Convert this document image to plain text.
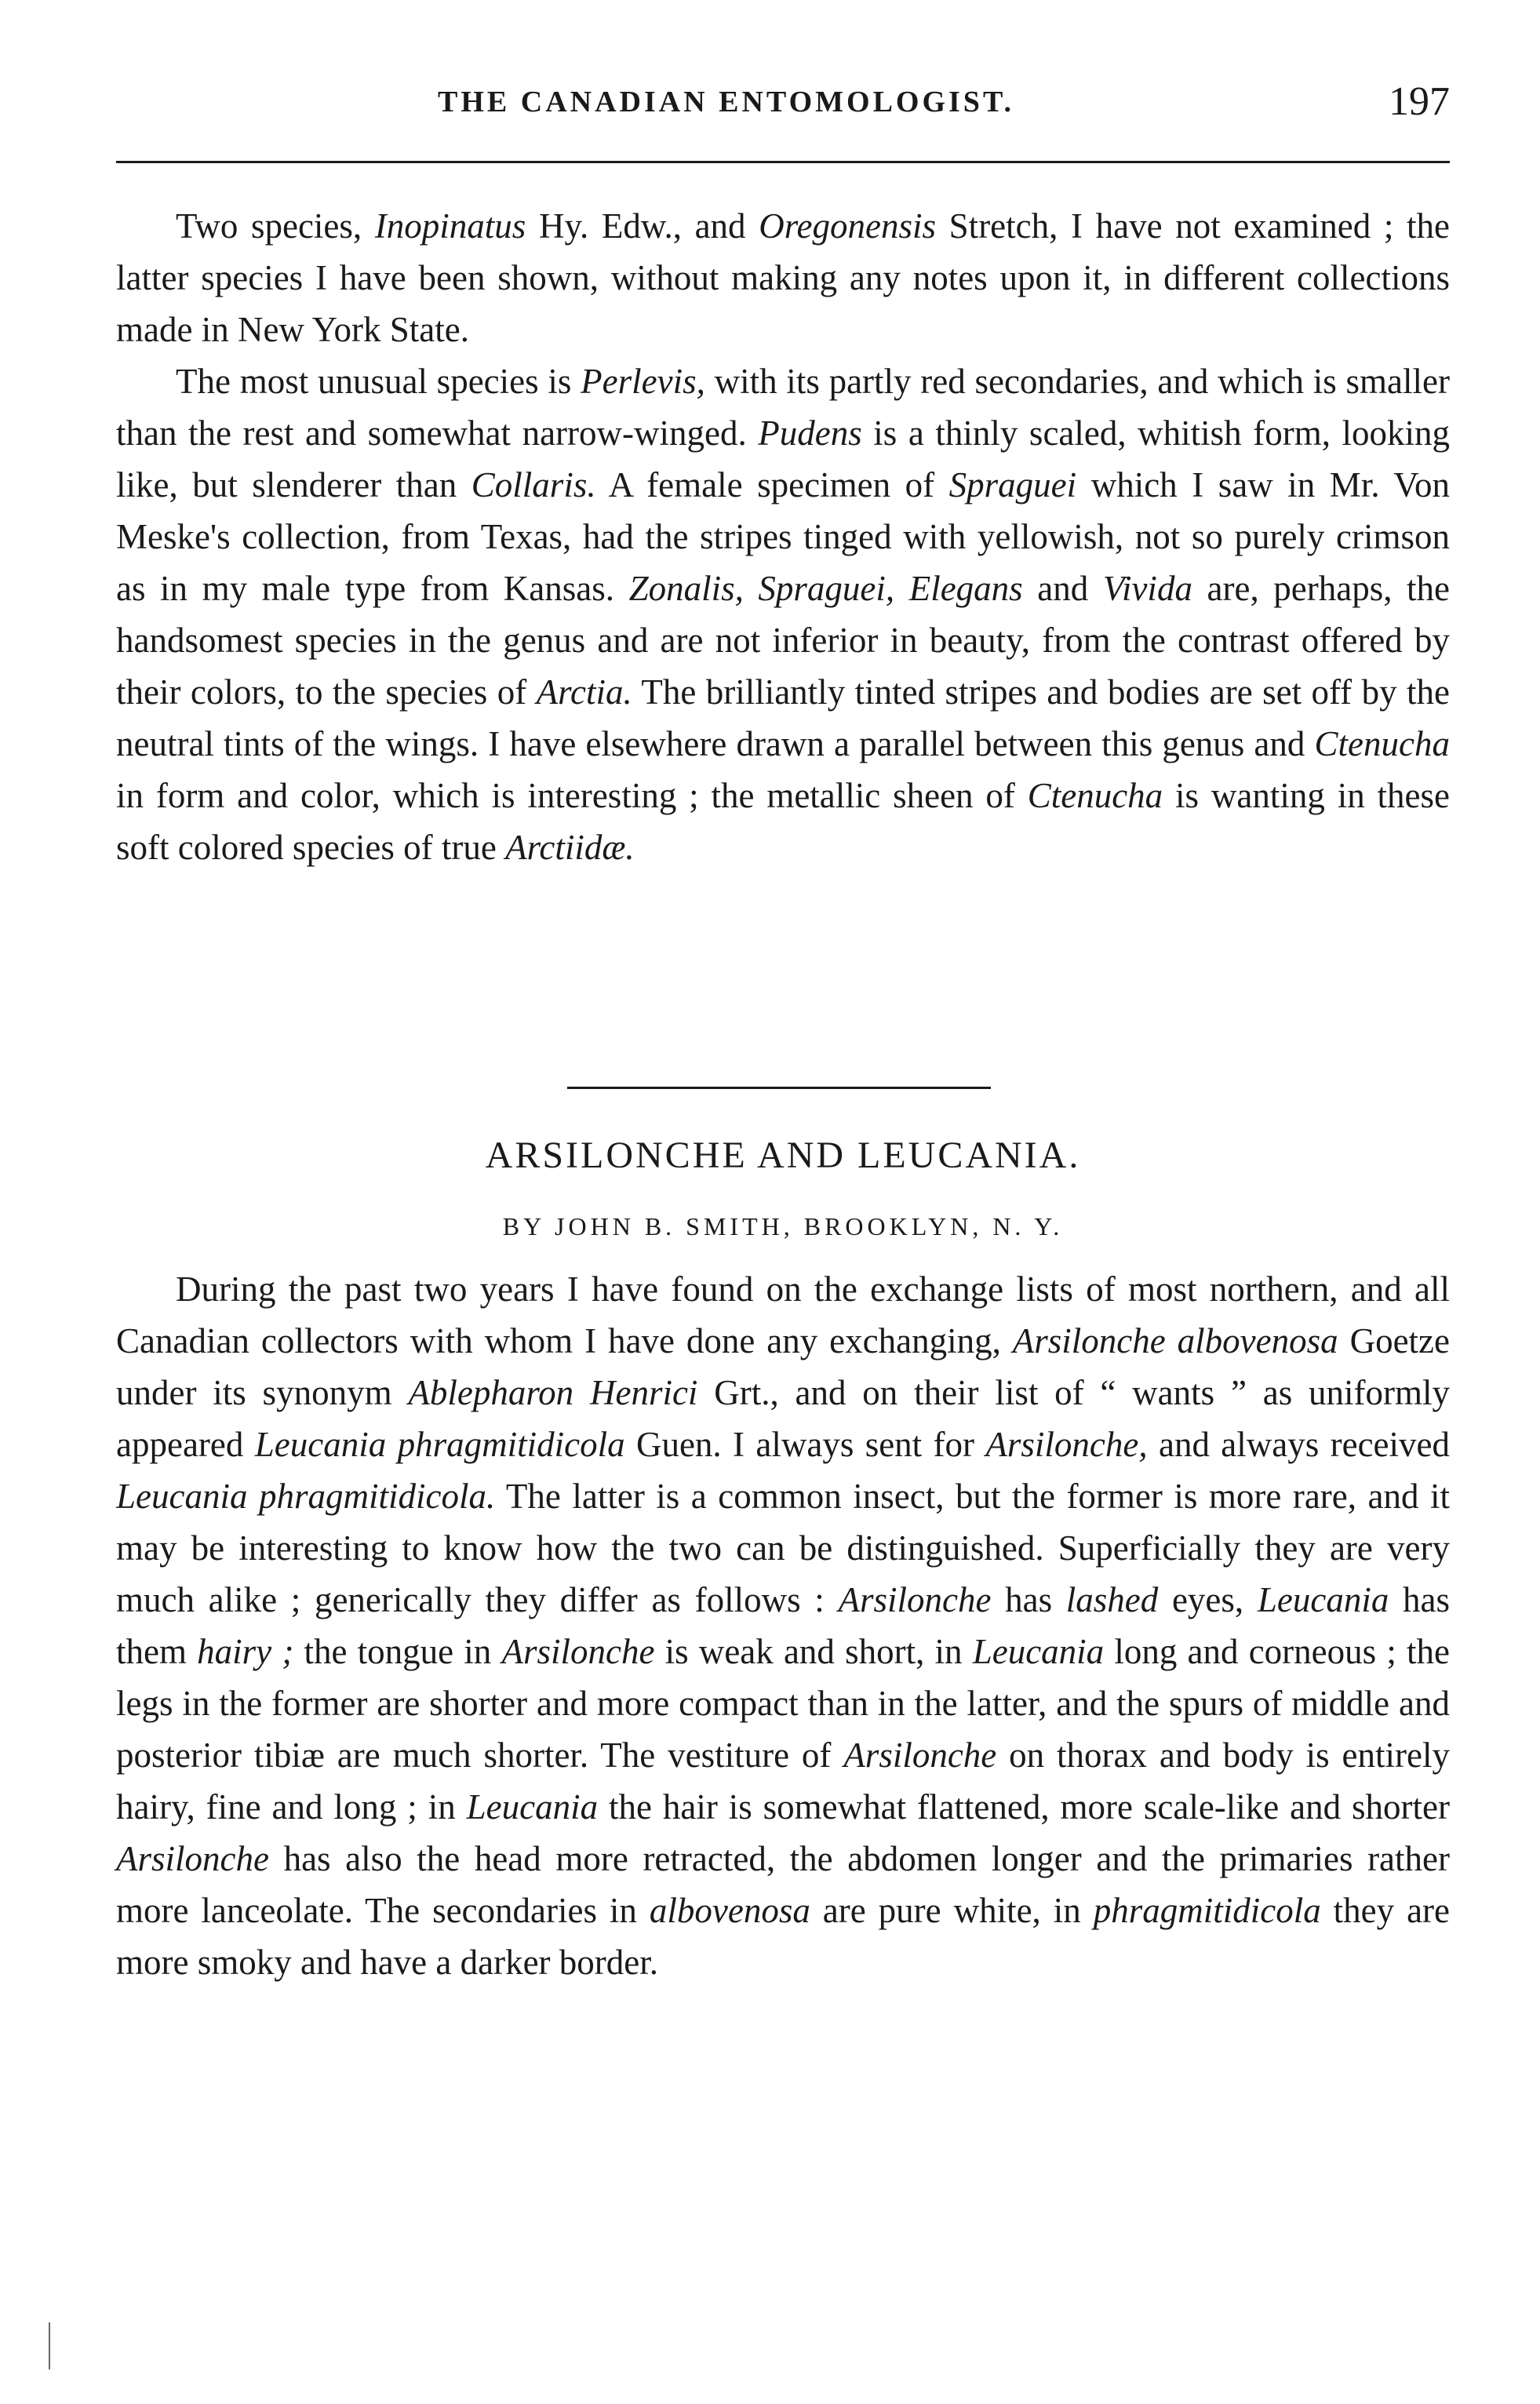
THE CANADIAN ENTOMOLOGIST.	197

Two species, Inopinatus Hy. Edw., and Oregonensis Stretch, I have not examined ; the latter species I have been shown, without making any notes upon it, in different collections made in New York State.

The most unusual species is Perlevis, with its partly red secondaries, and which is smaller than the rest and somewhat narrow-winged. Pudens is a thinly scaled, whitish form, looking like, but slenderer than Collaris. A female specimen of Spraguei which I saw in Mr. Von Meske's collection, from Texas, had the stripes tinged with yellowish, not so purely crimson as in my male type from Kansas. Zonalis, Spraguei, Elegans and Vivida are, perhaps, the handsomest species in the genus and are not inferior in beauty, from the contrast offered by their colors, to the species of Arctia. The brilliantly tinted stripes and bodies are set off by the neutral tints of the wings. I have elsewhere drawn a parallel between this genus and Ctenucha in form and color, which is interesting ; the metallic sheen of Ctenucha is wanting in these soft colored species of true Arctiidæ.

ARSILONCHE AND LEUCANIA.
BY JOHN B. SMITH, BROOKLYN, N. Y.

During the past two years I have found on the exchange lists of most northern, and all Canadian collectors with whom I have done any exchanging, Arsilonche albovenosa Goetze under its synonym Ablepharon Henrici Grt., and on their list of “ wants ” as uniformly appeared Leucania phragmitidicola Guen. I always sent for Arsilonche, and always received Leucania phragmitidicola. The latter is a common insect, but the former is more rare, and it may be interesting to know how the two can be distinguished. Superficially they are very much alike ; generically they differ as follows : Arsilonche has lashed eyes, Leucania has them hairy ; the tongue in Arsilonche is weak and short, in Leucania long and corneous ; the legs in the former are shorter and more compact than in the latter, and the spurs of middle and posterior tibiæ are much shorter. The vestiture of Arsilonche on thorax and body is entirely hairy, fine and long ; in Leucania the hair is somewhat flattened, more scale-like and shorter Arsilonche has also the head more retracted, the abdomen longer and the primaries rather more lanceolate. The secondaries in albovenosa are pure white, in phragmitidicola they are more smoky and have a darker border.
